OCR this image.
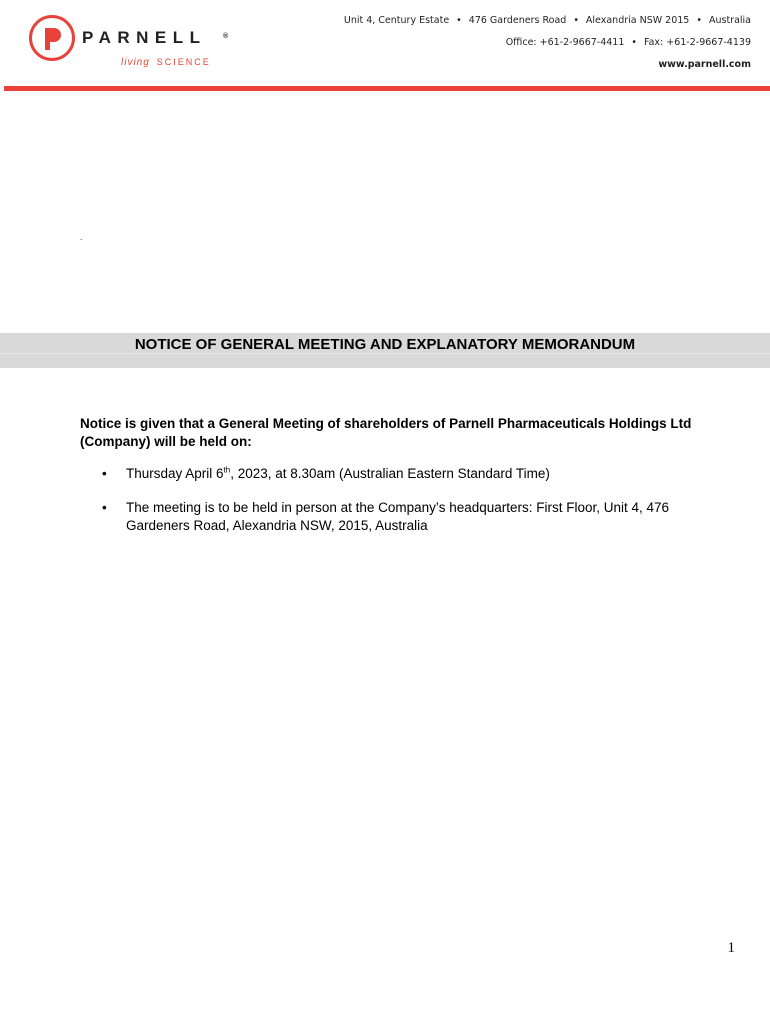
PARNELL ®
living SCIENCE
Unit 4, Century Estate • 476 Gardeners Road • Alexandria NSW 2015 • Australia
Office: +61-2-9667-4411 • Fax: +61-2-9667-4139
www.parnell.com
.
NOTICE OF GENERAL MEETING AND EXPLANATORY MEMORANDUM
Notice is given that a General Meeting of shareholders of Parnell Pharmaceuticals Holdings Ltd (Company) will be held on:
• Thursday April 6th, 2023, at 8.30am (Australian Eastern Standard Time)
• The meeting is to be held in person at the Company’s headquarters: First Floor, Unit 4, 476 Gardeners Road, Alexandria NSW, 2015, Australia
1
